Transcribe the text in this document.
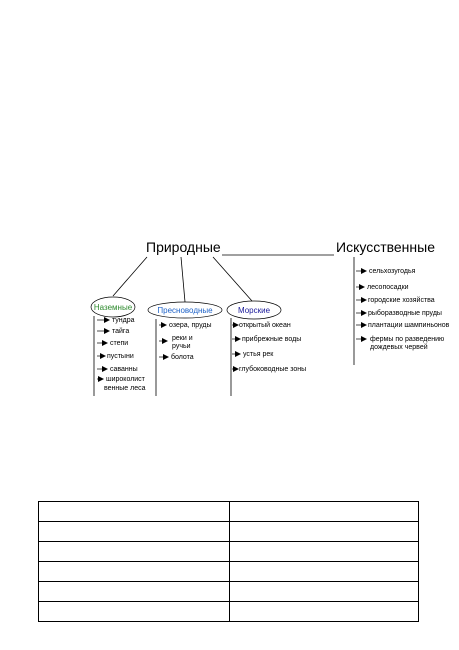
Природные	Искусственные
Наземные	Пресноводные	Морские
тундра
тайга
степи
пустыни
саванны
широколист венные леса
озера, пруды
реки и ручьи
болота
открытый океан
прибрежные воды
устья рек
глубоководные зоны
сельхозугодья
лесопосадки
городские хозяйства
рыборазводные пруды
плантации шампиньонов
фермы по разведению дождевых червей
